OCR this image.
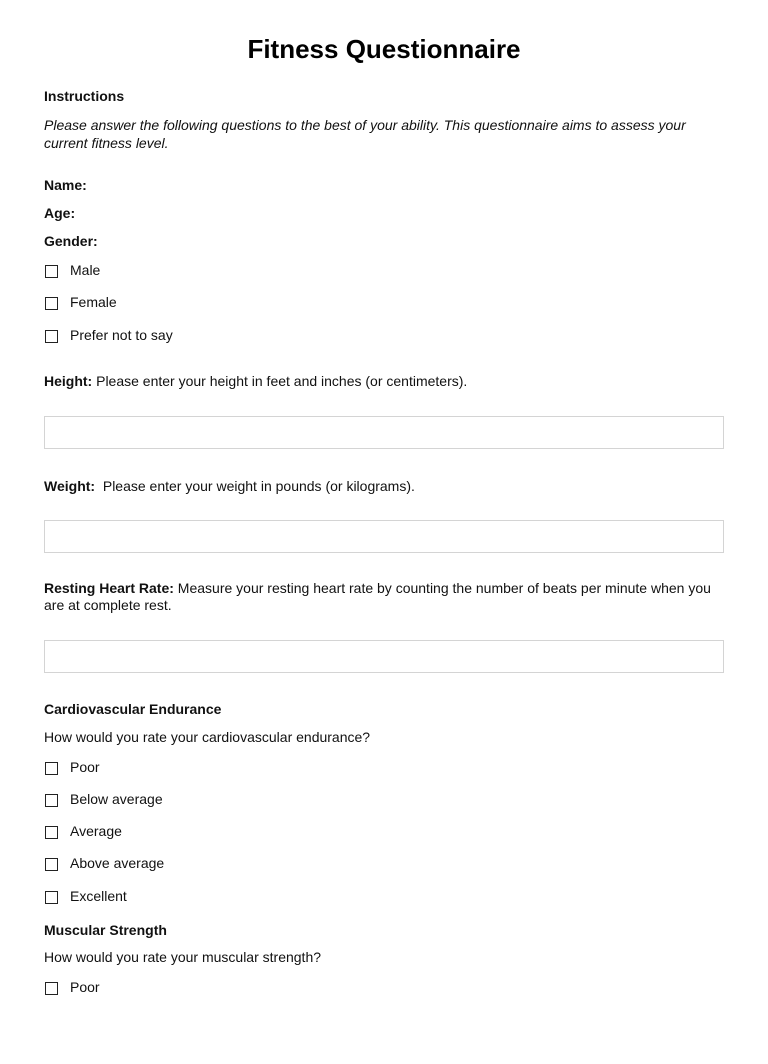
Fitness Questionnaire
Instructions
Please answer the following questions to the best of your ability. This questionnaire aims to assess your current fitness level.
Name:
Age:
Gender:
Male
Female
Prefer not to say
Height: Please enter your height in feet and inches (or centimeters).
Weight:  Please enter your weight in pounds (or kilograms).
Resting Heart Rate: Measure your resting heart rate by counting the number of beats per minute when you are at complete rest.
Cardiovascular Endurance
How would you rate your cardiovascular endurance?
Poor
Below average
Average
Above average
Excellent
Muscular Strength
How would you rate your muscular strength?
Poor
